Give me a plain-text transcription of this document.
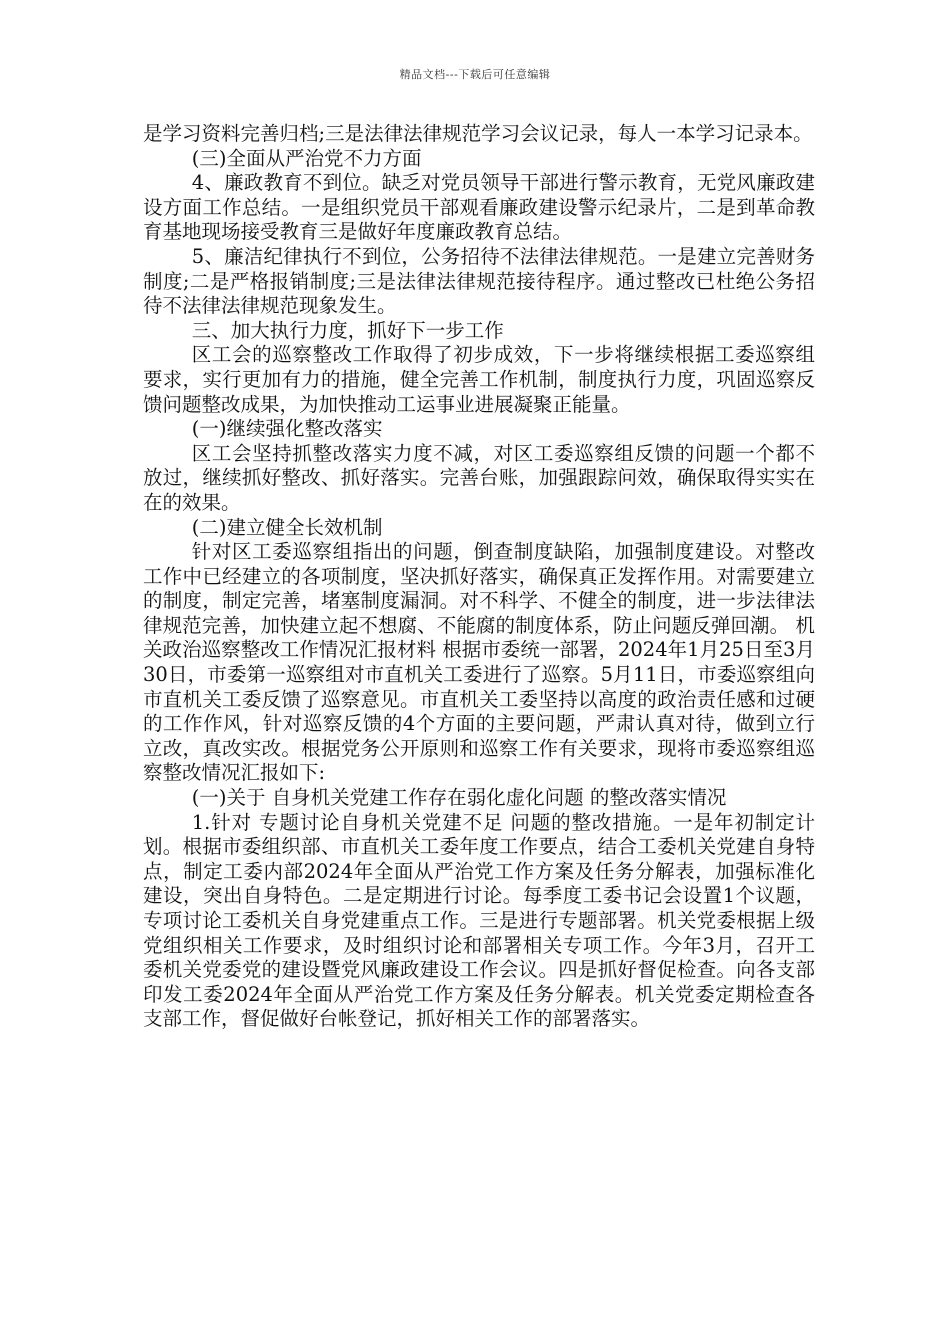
精品文档---下载后可任意编辑

是学习资料完善归档;三是法律法律规范学习会议记录，每人一本学习记录本。

(三)全面从严治党不力方面

4、廉政教育不到位。缺乏对党员领导干部进行警示教育，无党风廉政建设方面工作总结。一是组织党员干部观看廉政建设警示纪录片，二是到革命教育基地现场接受教育三是做好年度廉政教育总结。

5、廉洁纪律执行不到位，公务招待不法律法律规范。一是建立完善财务制度;二是严格报销制度;三是法律法律规范接待程序。通过整改已杜绝公务招待不法律法律规范现象发生。

三、加大执行力度，抓好下一步工作

区工会的巡察整改工作取得了初步成效，下一步将继续根据工委巡察组要求，实行更加有力的措施，健全完善工作机制，制度执行力度，巩固巡察反馈问题整改成果，为加快推动工运事业进展凝聚正能量。

(一)继续强化整改落实

区工会坚持抓整改落实力度不减，对区工委巡察组反馈的问题一个都不放过，继续抓好整改、抓好落实。完善台账，加强跟踪问效，确保取得实实在在的效果。

(二)建立健全长效机制

针对区工委巡察组指出的问题，倒查制度缺陷，加强制度建设。对整改工作中已经建立的各项制度，坚决抓好落实，确保真正发挥作用。对需要建立的制度，制定完善，堵塞制度漏洞。对不科学、不健全的制度，进一步法律法律规范完善，加快建立起不想腐、不能腐的制度体系，防止问题反弹回潮。 机关政治巡察整改工作情况汇报材料 根据市委统一部署，2024年1月25日至3月30日，市委第一巡察组对市直机关工委进行了巡察。5月11日，市委巡察组向市直机关工委反馈了巡察意见。市直机关工委坚持以高度的政治责任感和过硬的工作作风，针对巡察反馈的4个方面的主要问题，严肃认真对待，做到立行立改，真改实改。根据党务公开原则和巡察工作有关要求，现将市委巡察组巡察整改情况汇报如下:

(一)关于 自身机关党建工作存在弱化虚化问题 的整改落实情况

1.针对 专题讨论自身机关党建不足 问题的整改措施。一是年初制定计划。根据市委组织部、市直机关工委年度工作要点，结合工委机关党建自身特点，制定工委内部2024年全面从严治党工作方案及任务分解表，加强标准化建设，突出自身特色。二是定期进行讨论。每季度工委书记会设置1个议题，专项讨论工委机关自身党建重点工作。三是进行专题部署。机关党委根据上级党组织相关工作要求，及时组织讨论和部署相关专项工作。今年3月，召开工委机关党委党的建设暨党风廉政建设工作会议。四是抓好督促检查。向各支部印发工委2024年全面从严治党工作方案及任务分解表。机关党委定期检查各支部工作，督促做好台帐登记，抓好相关工作的部署落实。
